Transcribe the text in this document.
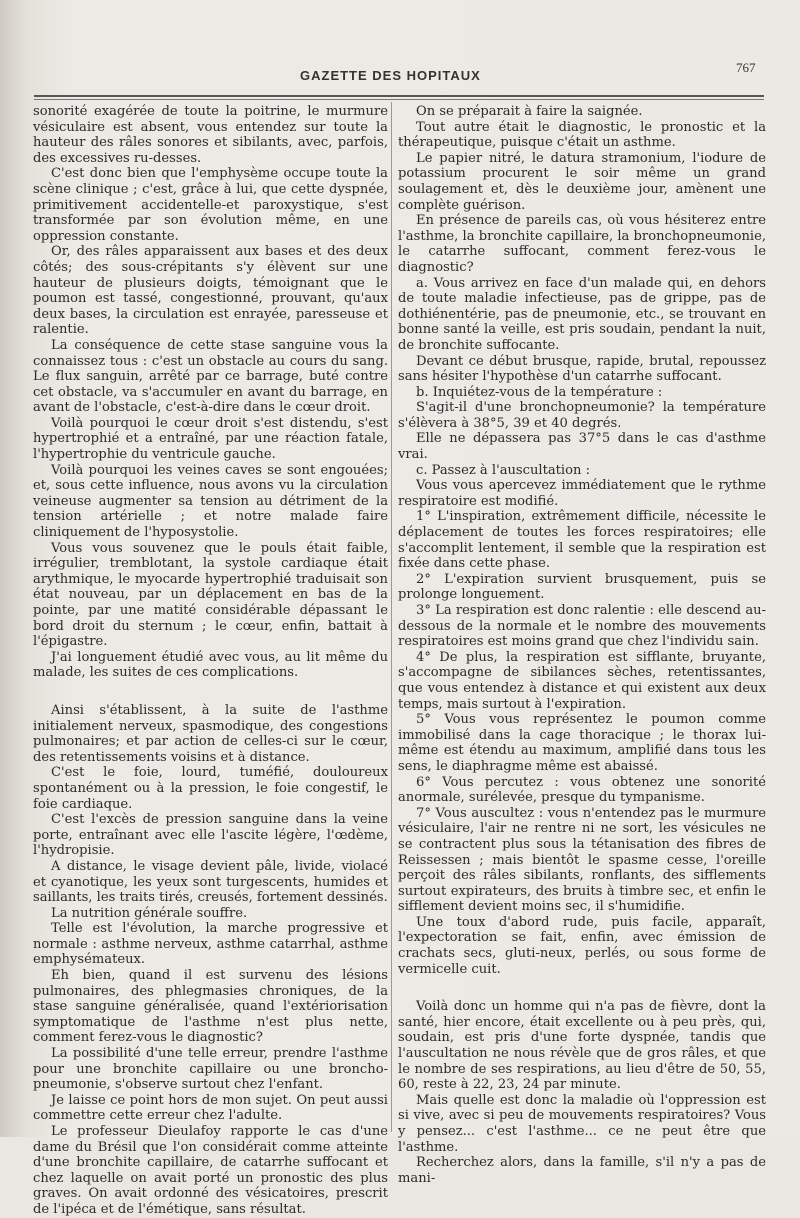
GAZETTE DES HOPITAUX
767

sonorité exagérée de toute la poitrine, le murmure vésiculaire est absent, vous entendez sur toute la hauteur des râles sonores et sibilants, avec, parfois, des excessives ru-desses.

C'est donc bien que l'emphysème occupe toute la scène clinique ; c'est, grâce à lui, que cette dyspnée, primitivement accidentelle-et paroxystique, s'est transformée par son évolution même, en une oppression constante.

Or, des râles apparaissent aux bases et des deux côtés; des sous-crépitants s'y élèvent sur une hauteur de plusieurs doigts, témoignant que le poumon est tassé, congestionné, prouvant, qu'aux deux bases, la circulation est enrayée, paresseuse et ralentie.

La conséquence de cette stase sanguine vous la connaissez tous : c'est un obstacle au cours du sang. Le flux sanguin, arrêté par ce barrage, buté contre cet obstacle, va s'accumuler en avant du barrage, en avant de l'obstacle, c'est-à-dire dans le cœur droit.

Voilà pourquoi le cœur droit s'est distendu, s'est hypertrophié et a entraîné, par une réaction fatale, l'hypertrophie du ventricule gauche.

Voilà pourquoi les veines caves se sont engouées; et, sous cette influence, nous avons vu la circulation veineuse augmenter sa tension au détriment de la tension artérielle ; et notre malade faire cliniquement de l'hyposystolie.

Vous vous souvenez que le pouls était faible, irrégulier, tremblotant, la systole cardiaque était arythmique, le myocarde hypertrophié traduisait son état nouveau, par un déplacement en bas de la pointe, par une matité considérable dépassant le bord droit du sternum ; le cœur, enfin, battait à l'épigastre.

J'ai longuement étudié avec vous, au lit même du malade, les suites de ces complications.

Ainsi s'établissent, à la suite de l'asthme initialement nerveux, spasmodique, des congestions pulmonaires; et par action de celles-ci sur le cœur, des retentissements voisins et à distance.

C'est le foie, lourd, tuméfié, douloureux spontanément ou à la pression, le foie congestif, le foie cardiaque.

C'est l'excès de pression sanguine dans la veine porte, entraînant avec elle l'ascite légère, l'œdème, l'hydropisie.

A distance, le visage devient pâle, livide, violacé et cyanotique, les yeux sont turgescents, humides et saillants, les traits tirés, creusés, fortement dessinés.

La nutrition générale souffre.

Telle est l'évolution, la marche progressive et normale : asthme nerveux, asthme catarrhal, asthme emphysémateux.

Eh bien, quand il est survenu des lésions pulmonaires, des phlegmasies chroniques, de la stase sanguine généralisée, quand l'extériorisation symptomatique de l'asthme n'est plus nette, comment ferez-vous le diagnostic?

La possibilité d'une telle erreur, prendre l'asthme pour une bronchite capillaire ou une broncho-pneumonie, s'observe surtout chez l'enfant.

Je laisse ce point hors de mon sujet. On peut aussi commettre cette erreur chez l'adulte.

Le professeur Dieulafoy rapporte le cas d'une dame du Brésil que l'on considérait comme atteinte d'une bronchite capillaire, de catarrhe suffocant et chez laquelle on avait porté un pronostic des plus graves. On avait ordonné des vésicatoires, prescrit de l'ipéca et de l'émétique, sans résultat.

On se préparait à faire la saignée.

Tout autre était le diagnostic, le pronostic et la thérapeutique, puisque c'était un asthme.

Le papier nitré, le datura stramonium, l'iodure de potassium procurent le soir même un grand soulagement et, dès le deuxième jour, amènent une complète guérison.

En présence de pareils cas, où vous hésiterez entre l'asthme, la bronchite capillaire, la bronchopneumonie, le catarrhe suffocant, comment ferez-vous le diagnostic?

a. Vous arrivez en face d'un malade qui, en dehors de toute maladie infectieuse, pas de grippe, pas de dothiénentérie, pas de pneumonie, etc., se trouvant en bonne santé la veille, est pris soudain, pendant la nuit, de bronchite suffocante.

Devant ce début brusque, rapide, brutal, repoussez sans hésiter l'hypothèse d'un catarrhe suffocant.

b. Inquiétez-vous de la température :

S'agit-il d'une bronchopneumonie? la température s'élèvera à 38°5, 39 et 40 degrés.

Elle ne dépassera pas 37°5 dans le cas d'asthme vrai.

c. Passez à l'auscultation :

Vous vous apercevez immédiatement que le rythme respiratoire est modifié.

1° L'inspiration, extrêmement difficile, nécessite le déplacement de toutes les forces respiratoires; elle s'accomplit lentement, il semble que la respiration est fixée dans cette phase.

2° L'expiration survient brusquement, puis se prolonge longuement.

3° La respiration est donc ralentie : elle descend au-dessous de la normale et le nombre des mouvements respiratoires est moins grand que chez l'individu sain.

4° De plus, la respiration est sifflante, bruyante, s'accompagne de sibilances sèches, retentissantes, que vous entendez à distance et qui existent aux deux temps, mais surtout à l'expiration.

5° Vous vous représentez le poumon comme immobilisé dans la cage thoracique ; le thorax lui-même est étendu au maximum, amplifié dans tous les sens, le diaphragme même est abaissé.

6° Vous percutez : vous obtenez une sonorité anormale, surélevée, presque du tympanisme.

7° Vous auscultez : vous n'entendez pas le murmure vésiculaire, l'air ne rentre ni ne sort, les vésicules ne se contractent plus sous la tétanisation des fibres de Reissessen ; mais bientôt le spasme cesse, l'oreille perçoit des râles sibilants, ronflants, des sifflements surtout expirateurs, des bruits à timbre sec, et enfin le sifflement devient moins sec, il s'humidifie.

Une toux d'abord rude, puis facile, apparaît, l'expectoration se fait, enfin, avec émission de crachats secs, gluti-neux, perlés, ou sous forme de vermicelle cuit.

Voilà donc un homme qui n'a pas de fièvre, dont la santé, hier encore, était excellente ou à peu près, qui, soudain, est pris d'une forte dyspnée, tandis que l'auscultation ne nous révèle que de gros râles, et que le nombre de ses respirations, au lieu d'être de 50, 55, 60, reste à 22, 23, 24 par minute.

Mais quelle est donc la maladie où l'oppression est si vive, avec si peu de mouvements respiratoires? Vous y pensez... c'est l'asthme... ce ne peut être que l'asthme.

Recherchez alors, dans la famille, s'il n'y a pas de mani-
